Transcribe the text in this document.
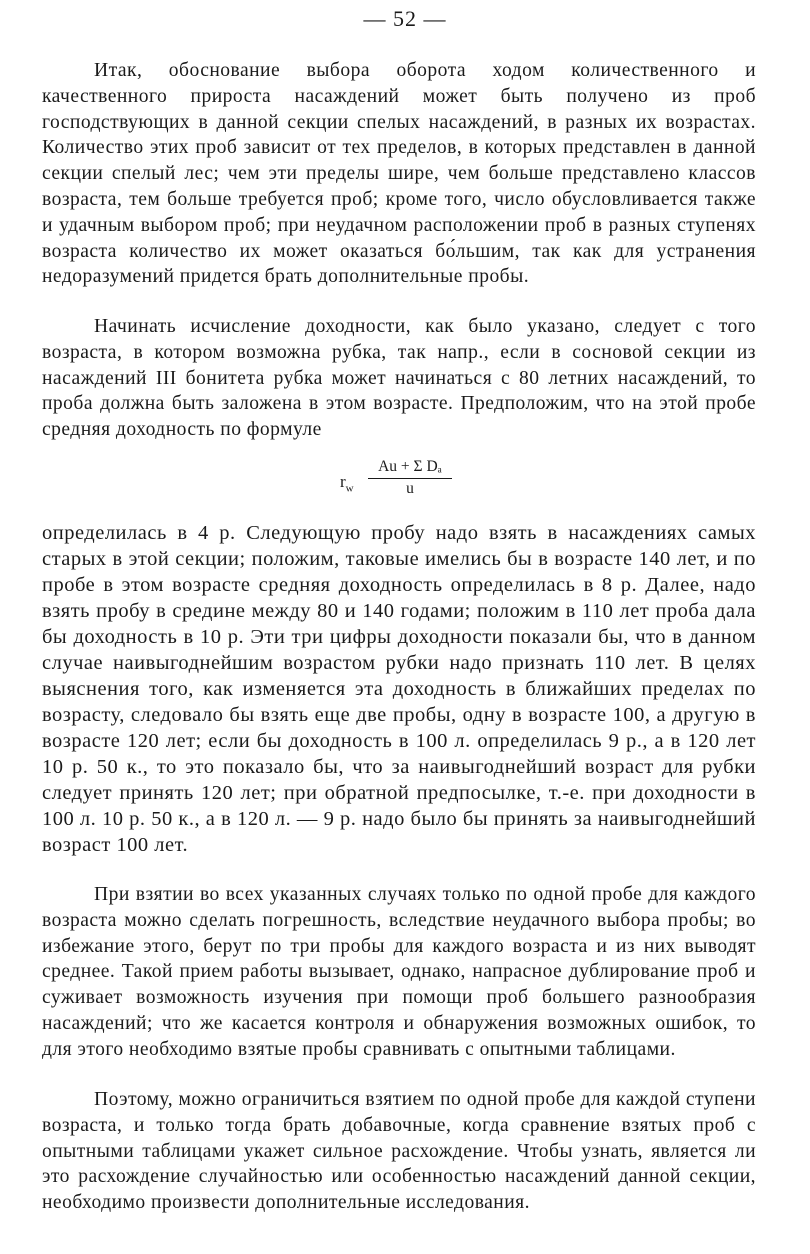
— 52 —
Итак, обоснование выбора оборота ходом количественного и качественного прироста насаждений может быть получено из проб господствующих в данной секции спелых насаждений, в разных их возрастах. Количество этих проб зависит от тех пределов, в которых представлен в данной секции спелый лес; чем эти пределы шире, чем больше представлено классов возраста, тем больше требуется проб; кроме того, число обусловливается также и удачным выбором проб; при неудачном расположении проб в разных ступенях возраста количество их может оказаться бо́льшим, так как для устранения недоразумений придется брать дополнительные пробы.
Начинать исчисление доходности, как было указано, следует с того возраста, в котором возможна рубка, так напр., если в сосновой секции из насаждений III бонитета рубка может начинаться с 80 летних насаждений, то проба должна быть заложена в этом возрасте. Предположим, что на этой пробе средняя доходность по формуле
$r_w \frac{\text{Au + Σ Dₐ}}{u}$
определилась в 4 р. Следующую пробу надо взять в насаждениях самых старых в этой секции; положим, таковые имелись бы в возрасте 140 лет, и по пробе в этом возрасте средняя доходность определилась в 8 р. Далее, надо взять пробу в средине между 80 и 140 годами; положим в 110 лет проба дала бы доходность в 10 р. Эти три цифры доходности показали бы, что в данном случае наивыгоднейшим возрастом рубки надо признать 110 лет. В целях выяснения того, как изменяется эта доходность в ближайших пределах по возрасту, следовало бы взять еще две пробы, одну в возрасте 100, а другую в возрасте 120 лет; если бы доходность в 100 л. определилась 9 р., а в 120 лет 10 р. 50 к., то это показало бы, что за наивыгоднейший возраст для рубки следует принять 120 лет; при обратной предпосылке, т.-е. при доходности в 100 л. 10 р. 50 к., а в 120 л. — 9 р. надо было бы принять за наивыгоднейший возраст 100 лет.
При взятии во всех указанных случаях только по одной пробе для каждого возраста можно сделать погрешность, вследствие неудачного выбора пробы; во избежание этого, берут по три пробы для каждого возраста и из них выводят среднее. Такой прием работы вызывает, однако, напрасное дублирование проб и суживает возможность изучения при помощи проб большего разнообразия насаждений; что же касается контроля и обнаружения возможных ошибок, то для этого необходимо взятые пробы сравнивать с опытными таблицами.
Поэтому, можно ограничиться взятием по одной пробе для каждой ступени возраста, и только тогда брать добавочные, когда сравнение взятых проб с опытными таблицами укажет сильное расхождение. Чтобы узнать, является ли это расхождение случайностью или особенностью насаждений данной секции, необходимо произвести дополнительные исследования.
